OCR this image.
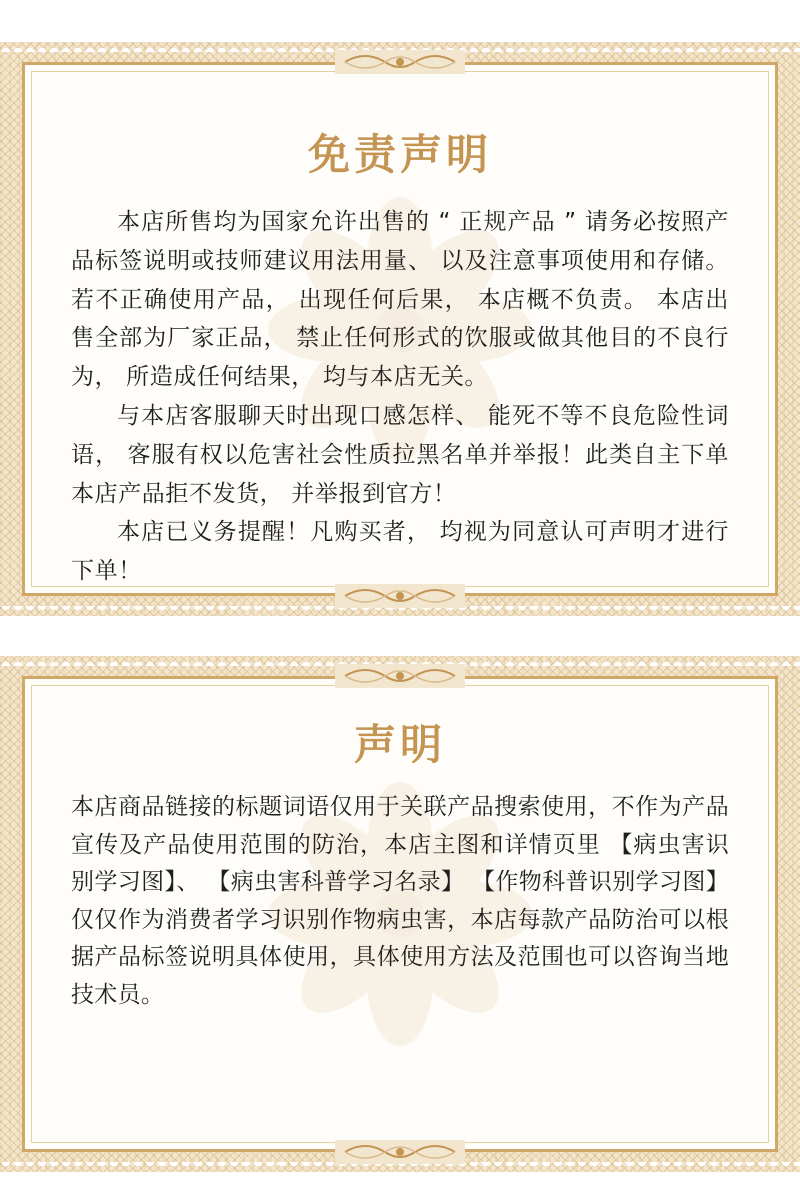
免责声明

本店所售均为国家允许出售的 “ 正规产品 ” 请务必按照产品标签说明或技师建议用法用量、 以及注意事项使用和存储。 若不正确使用产品， 出现任何后果， 本店概不负责。 本店出售全部为厂家正品， 禁止任何形式的饮服或做其他目的不良行为， 所造成任何结果， 均与本店无关。

与本店客服聊天时出现口感怎样、 能死不等不良危险性词语， 客服有权以危害社会性质拉黑名单并举报！此类自主下单本店产品拒不发货， 并举报到官方！

本店已义务提醒！凡购买者， 均视为同意认可声明才进行下单！

声明

本店商品链接的标题词语仅用于关联产品搜索使用，不作为产品宣传及产品使用范围的防治，本店主图和详情页里 【病虫害识别学习图】、 【病虫害科普学习名录】 【作物科普识别学习图】 仅仅作为消费者学习识别作物病虫害，本店每款产品防治可以根据产品标签说明具体使用，具体使用方法及范围也可以咨询当地技术员。
